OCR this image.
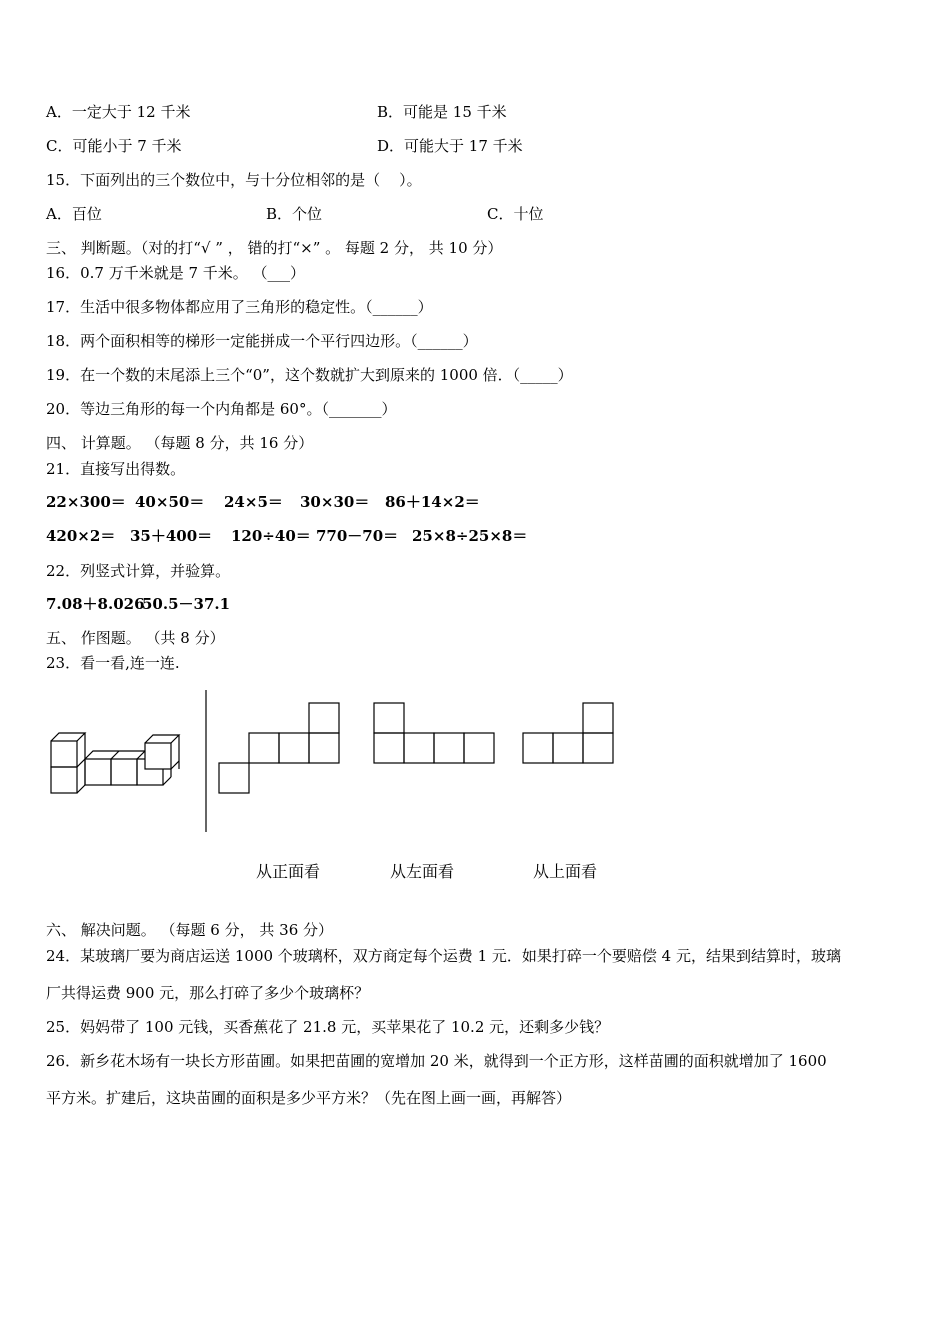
A．一定大于 12 千米	B．可能是 15 千米
C．可能小于 7 千米	D．可能大于 17 千米
15．下面列出的三个数位中，与十分位相邻的是（    ）。
A．百位	B．个位	C．十位
三、 判断题。（对的打“√ ” ， 错的打“×” 。 每题 2 分， 共 10 分）
16．0.7 万千米就是 7 千米。 （___）
17．生活中很多物体都应用了三角形的稳定性。（______）
18．两个面积相等的梯形一定能拼成一个平行四边形。（______）
19．在一个数的末尾添上三个“0”，这个数就扩大到原来的 1000 倍．（_____）
20．等边三角形的每一个内角都是 60°。（_______）
四、 计算题。 （每题 8 分，共 16 分）
21．直接写出得数。
22×300＝ 40×50＝ 24×5＝ 30×30＝ 86＋14×2＝
420×2＝ 35＋400＝ 120÷40＝ 770－70＝ 25×8÷25×8＝
22．列竖式计算，并验算。
7.08＋8.026
50.5－37.1
五、 作图题。 （共 8 分）
23．看一看,连一连.
从正面看	从左面看	从上面看
六、 解决问题。 （每题 6 分， 共 36 分）
24．某玻璃厂要为商店运送 1000 个玻璃杯，双方商定每个运费 1 元．如果打碎一个要赔偿 4 元，结果到结算时，玻璃
厂共得运费 900 元，那么打碎了多少个玻璃杯？
25．妈妈带了 100 元钱，买香蕉花了 21.8 元，买苹果花了 10.2 元，还剩多少钱？
26．新乡花木场有一块长方形苗圃。如果把苗圃的宽增加 20 米，就得到一个正方形，这样苗圃的面积就增加了 1600
平方米。扩建后，这块苗圃的面积是多少平方米？（先在图上画一画，再解答）
